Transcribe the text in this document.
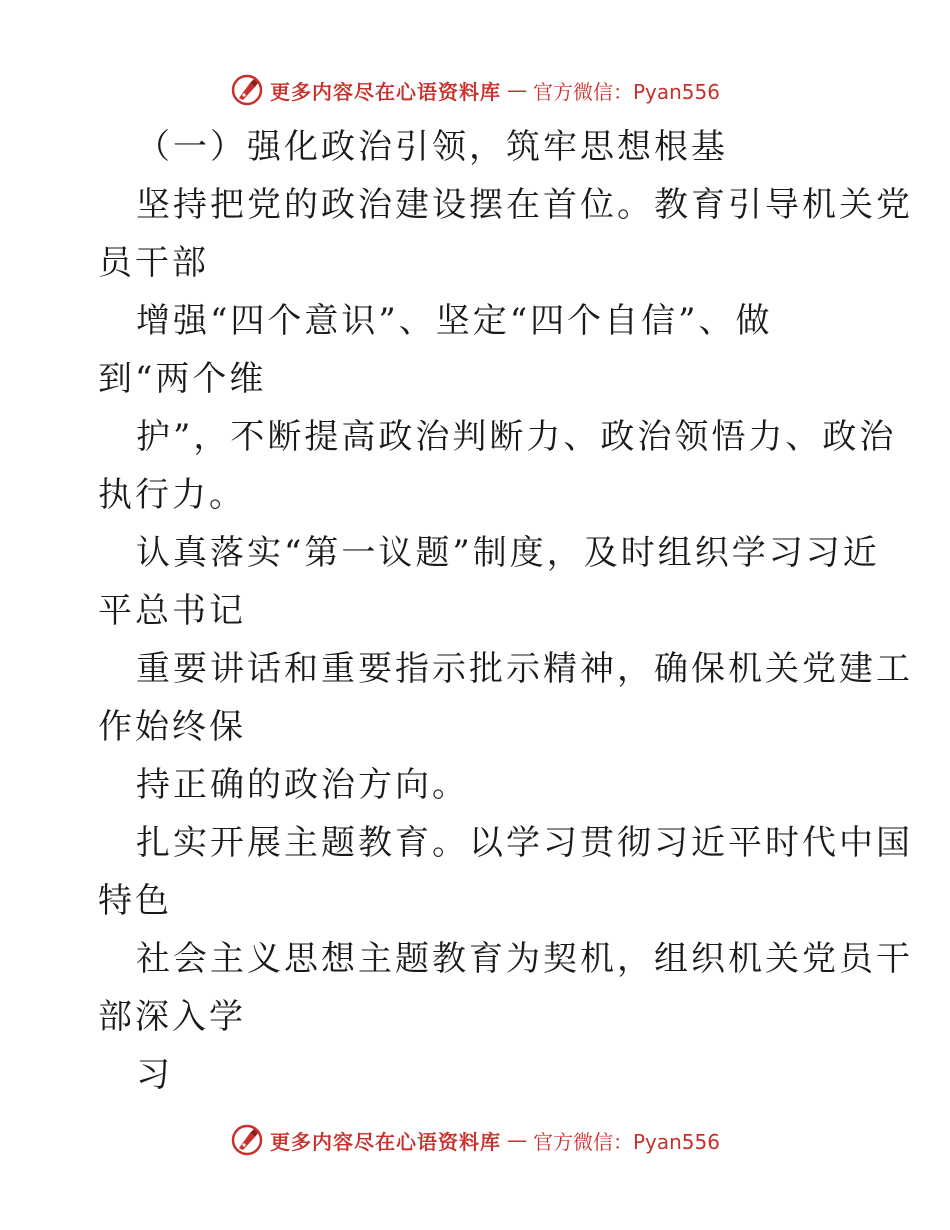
更多内容尽在心语资料库 — 官方微信：Pyan556
（一）强化政治引领，筑牢思想根基
坚持把党的政治建设摆在首位。教育引导机关党
员干部
增强“四个意识”、坚定“四个自信”、做
到“两个维
护”，不断提高政治判断力、政治领悟力、政治
执行力。
认真落实“第一议题”制度，及时组织学习习近
平总书记
重要讲话和重要指示批示精神，确保机关党建工
作始终保
持正确的政治方向。
扎实开展主题教育。以学习贯彻习近平时代中国
特色
社会主义思想主题教育为契机，组织机关党员干
部深入学
习
更多内容尽在心语资料库 — 官方微信：Pyan556
